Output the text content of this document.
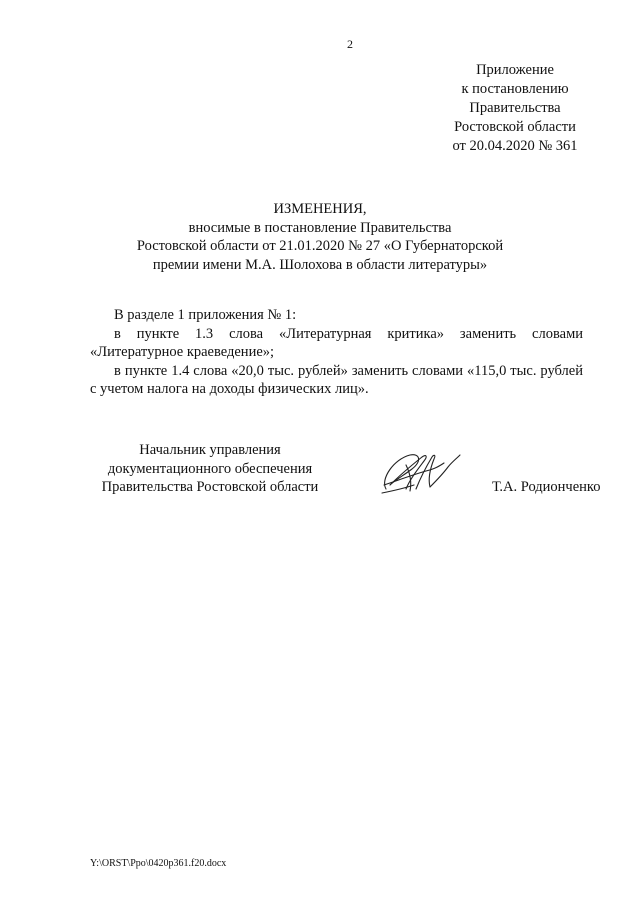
2
Приложение
к постановлению
Правительства
Ростовской области
от 20.04.2020 № 361
ИЗМЕНЕНИЯ,
вносимые в постановление Правительства
Ростовской области от 21.01.2020 № 27 «О Губернаторской
премии имени М.А. Шолохова в области литературы»

В разделе 1 приложения № 1:

в пункте 1.3 слова «Литературная критика» заменить словами «Литературное краеведение»;

в пункте 1.4 слова «20,0 тыс. рублей» заменить словами «115,0 тыс. рублей с учетом налога на доходы физических лиц».

Начальник управления
документационного обеспечения
Правительства Ростовской области	Т.А. Родионченко
Y:\ORST\Ppo\0420p361.f20.docx
